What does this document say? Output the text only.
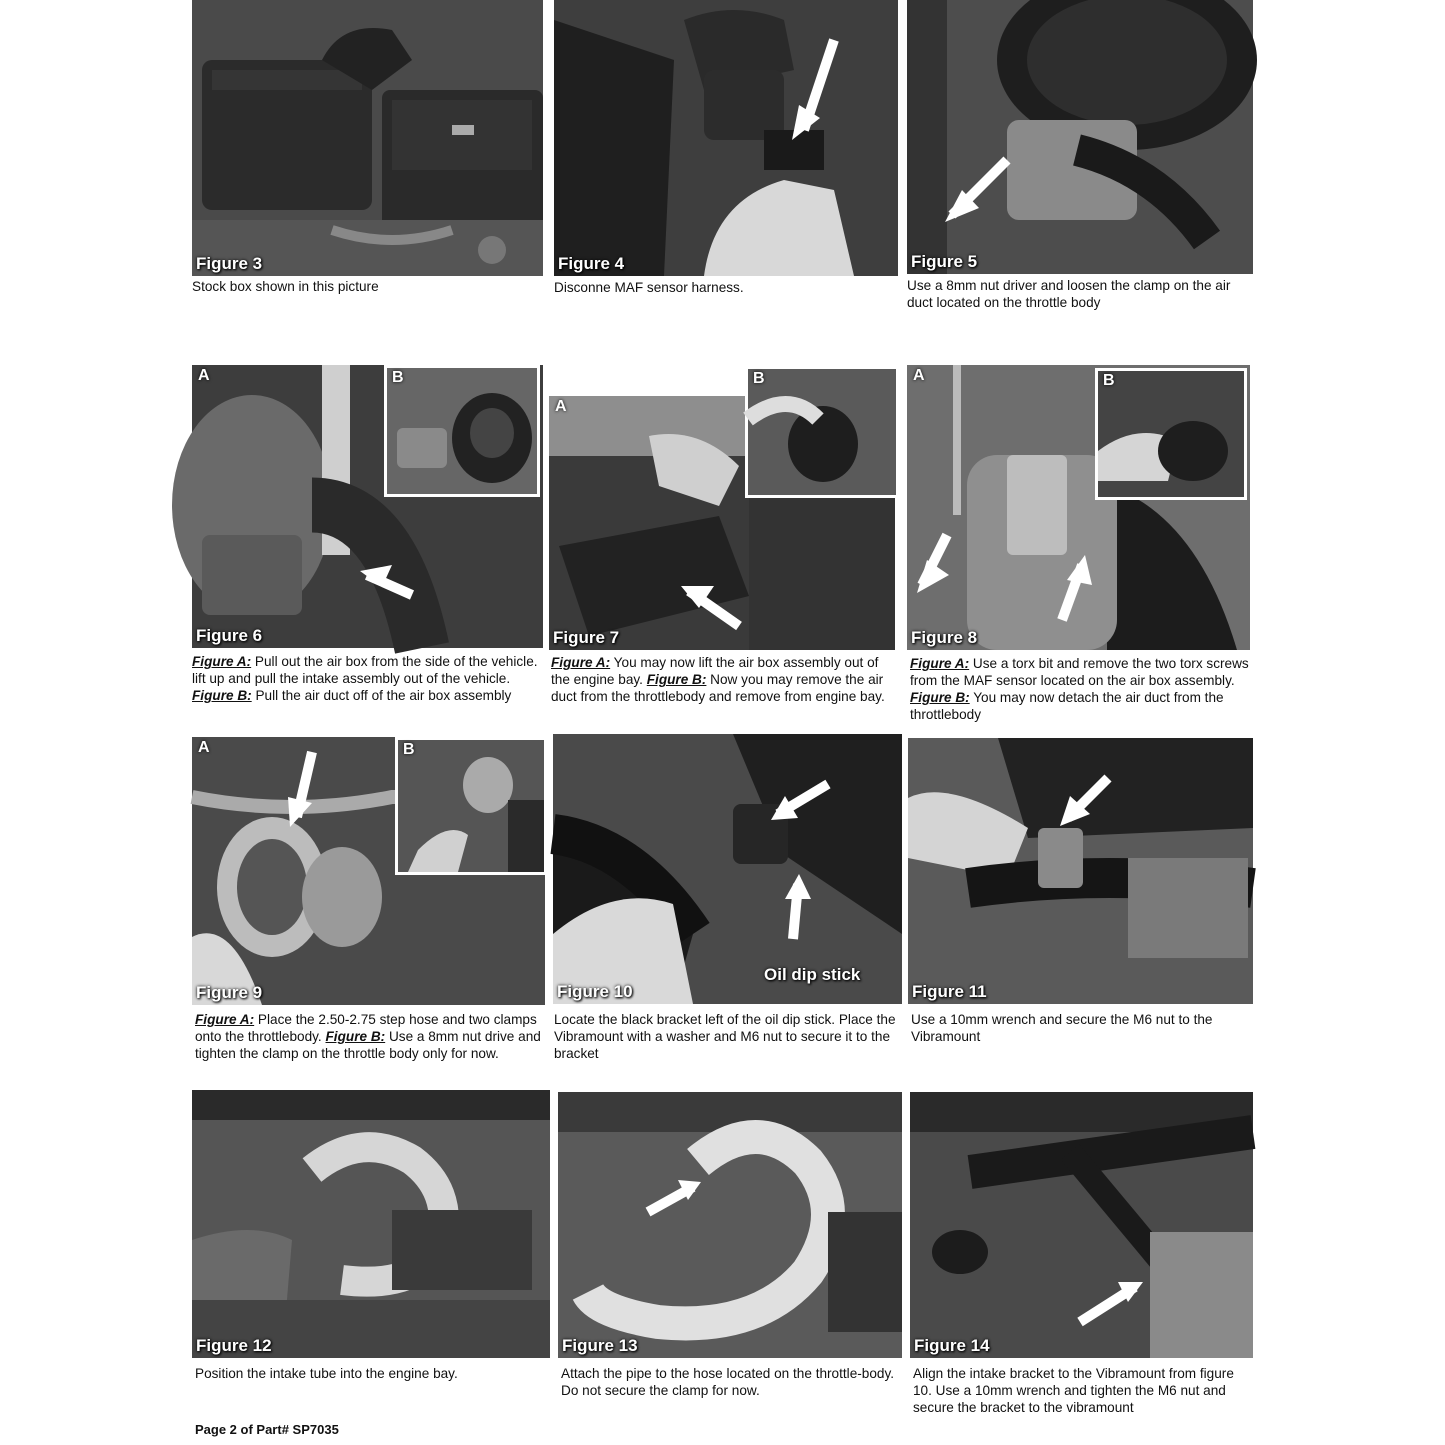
Figure 3
Stock box shown in this picture
Figure 4
Disconne MAF sensor harness.
Figure 5
Use a 8mm nut driver and loosen the clamp on the air duct located on the throttle body
A	B
Figure 6
Figure A: Pull out the air box from the side of the vehicle. lift up and pull the intake assembly out of the vehicle. Figure B: Pull the air duct off of the air box assembly
A
B
Figure 7
Figure A: You may now lift the air box assembly out of the engine bay. Figure B: Now you may remove the air duct from the throttlebody and remove from engine bay.
A	B
Figure 8
Figure A: Use a torx bit and remove the two torx screws from the MAF sensor located on the air box assembly. Figure B: You may now detach the air duct from the throttlebody
A	B
Figure 9
Figure A: Place the 2.50-2.75 step hose and two clamps onto the throttlebody. Figure B: Use a 8mm nut drive and tighten the clamp on the throttle body only for now.
Oil dip stick
Figure 10
Locate the black bracket left of the oil dip stick. Place the Vibramount with a washer and M6 nut to secure it to the bracket
Figure 11
Use a 10mm wrench and secure the M6 nut to the Vibramount
Figure 12
Position the intake tube into the engine bay.
Figure 13
Attach the pipe to the hose located on the throttle-body. Do not secure the clamp for now.
Figure 14
Align the intake bracket to the Vibramount from figure 10. Use a 10mm wrench and tighten the M6 nut and secure the bracket to the vibramount
Page 2 of Part# SP7035
